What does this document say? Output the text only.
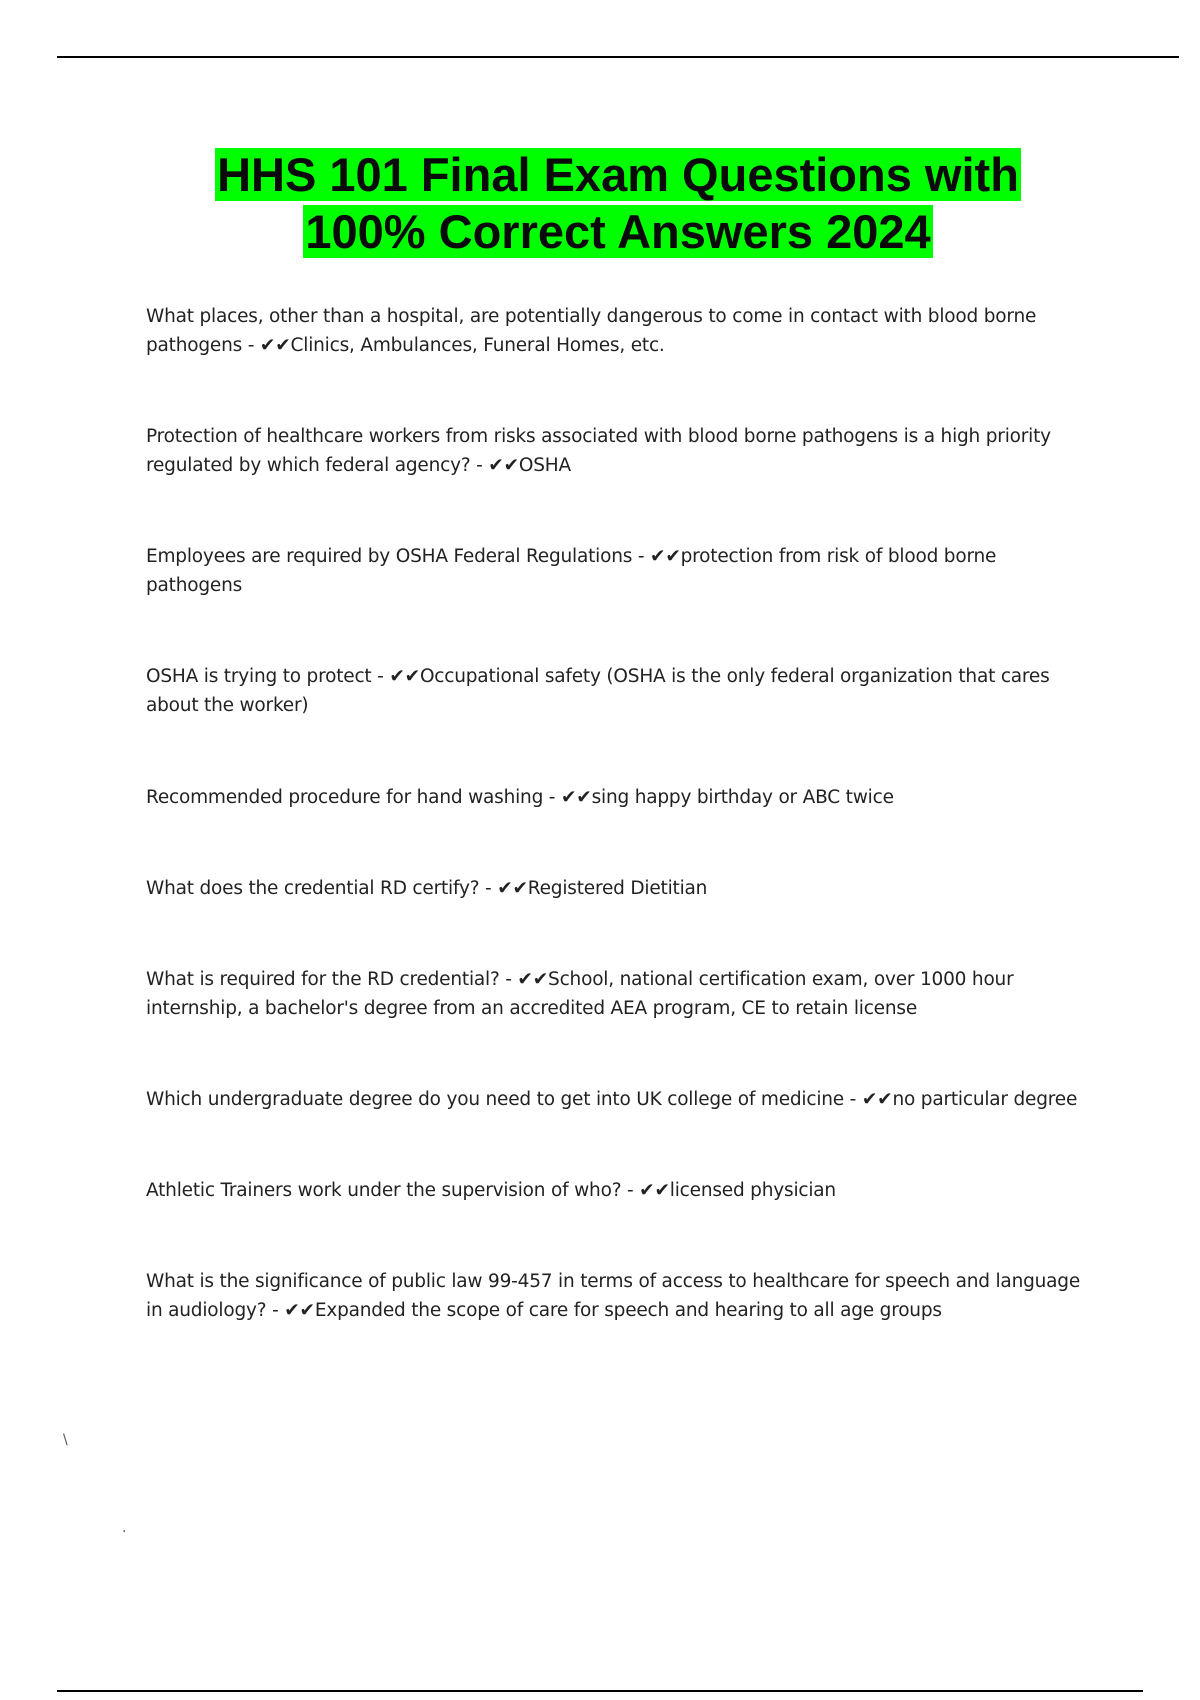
HHS 101 Final Exam Questions with
100% Correct Answers 2024
What places, other than a hospital, are potentially dangerous to come in contact with blood borne pathogens - ✔✔Clinics, Ambulances, Funeral Homes, etc.
Protection of healthcare workers from risks associated with blood borne pathogens is a high priority regulated by which federal agency? - ✔✔OSHA
Employees are required by OSHA Federal Regulations - ✔✔protection from risk of blood borne pathogens
OSHA is trying to protect - ✔✔Occupational safety (OSHA is the only federal organization that cares about the worker)
Recommended procedure for hand washing - ✔✔sing happy birthday or ABC twice
What does the credential RD certify? - ✔✔Registered Dietitian
What is required for the RD credential? - ✔✔School, national certification exam, over 1000 hour internship, a bachelor's degree from an accredited AEA program, CE to retain license
Which undergraduate degree do you need to get into UK college of medicine - ✔✔no particular degree
Athletic Trainers work under the supervision of who? - ✔✔licensed physician
What is the significance of public law 99-457 in terms of access to healthcare for speech and language in audiology? - ✔✔Expanded the scope of care for speech and hearing to all age groups
\
.
